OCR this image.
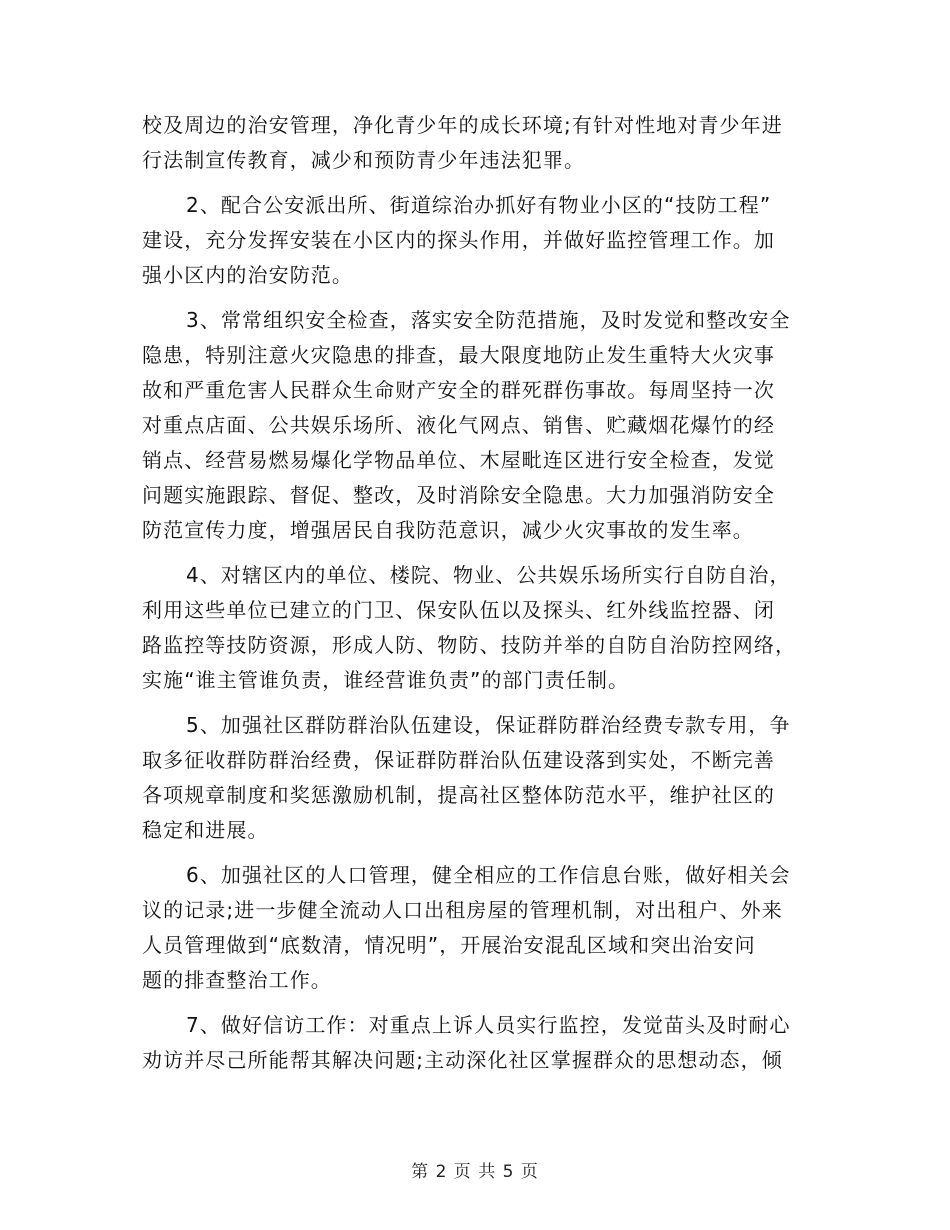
校及周边的治安管理，净化青少年的成长环境;有针对性地对青少年进
行法制宣传教育，减少和预防青少年违法犯罪。

2、配合公安派出所、街道综治办抓好有物业小区的“技防工程”
建设，充分发挥安装在小区内的探头作用，并做好监控管理工作。加
强小区内的治安防范。

3、常常组织安全检查，落实安全防范措施，及时发觉和整改安全
隐患，特别注意火灾隐患的排查，最大限度地防止发生重特大火灾事
故和严重危害人民群众生命财产安全的群死群伤事故。每周坚持一次
对重点店面、公共娱乐场所、液化气网点、销售、贮藏烟花爆竹的经
销点、经营易燃易爆化学物品单位、木屋毗连区进行安全检查，发觉
问题实施跟踪、督促、整改，及时消除安全隐患。大力加强消防安全
防范宣传力度，增强居民自我防范意识，减少火灾事故的发生率。

4、对辖区内的单位、楼院、物业、公共娱乐场所实行自防自治，
利用这些单位已建立的门卫、保安队伍以及探头、红外线监控器、闭
路监控等技防资源，形成人防、物防、技防并举的自防自治防控网络，
实施“谁主管谁负责，谁经营谁负责”的部门责任制。

5、加强社区群防群治队伍建设，保证群防群治经费专款专用，争
取多征收群防群治经费，保证群防群治队伍建设落到实处，不断完善
各项规章制度和奖惩激励机制，提高社区整体防范水平，维护社区的
稳定和进展。

6、加强社区的人口管理，健全相应的工作信息台账，做好相关会
议的记录;进一步健全流动人口出租房屋的管理机制，对出租户、外来
人员管理做到“底数清，情况明”，开展治安混乱区域和突出治安问
题的排查整治工作。

7、做好信访工作：对重点上诉人员实行监控，发觉苗头及时耐心
劝访并尽己所能帮其解决问题;主动深化社区掌握群众的思想动态，倾

第 2 页 共 5 页
